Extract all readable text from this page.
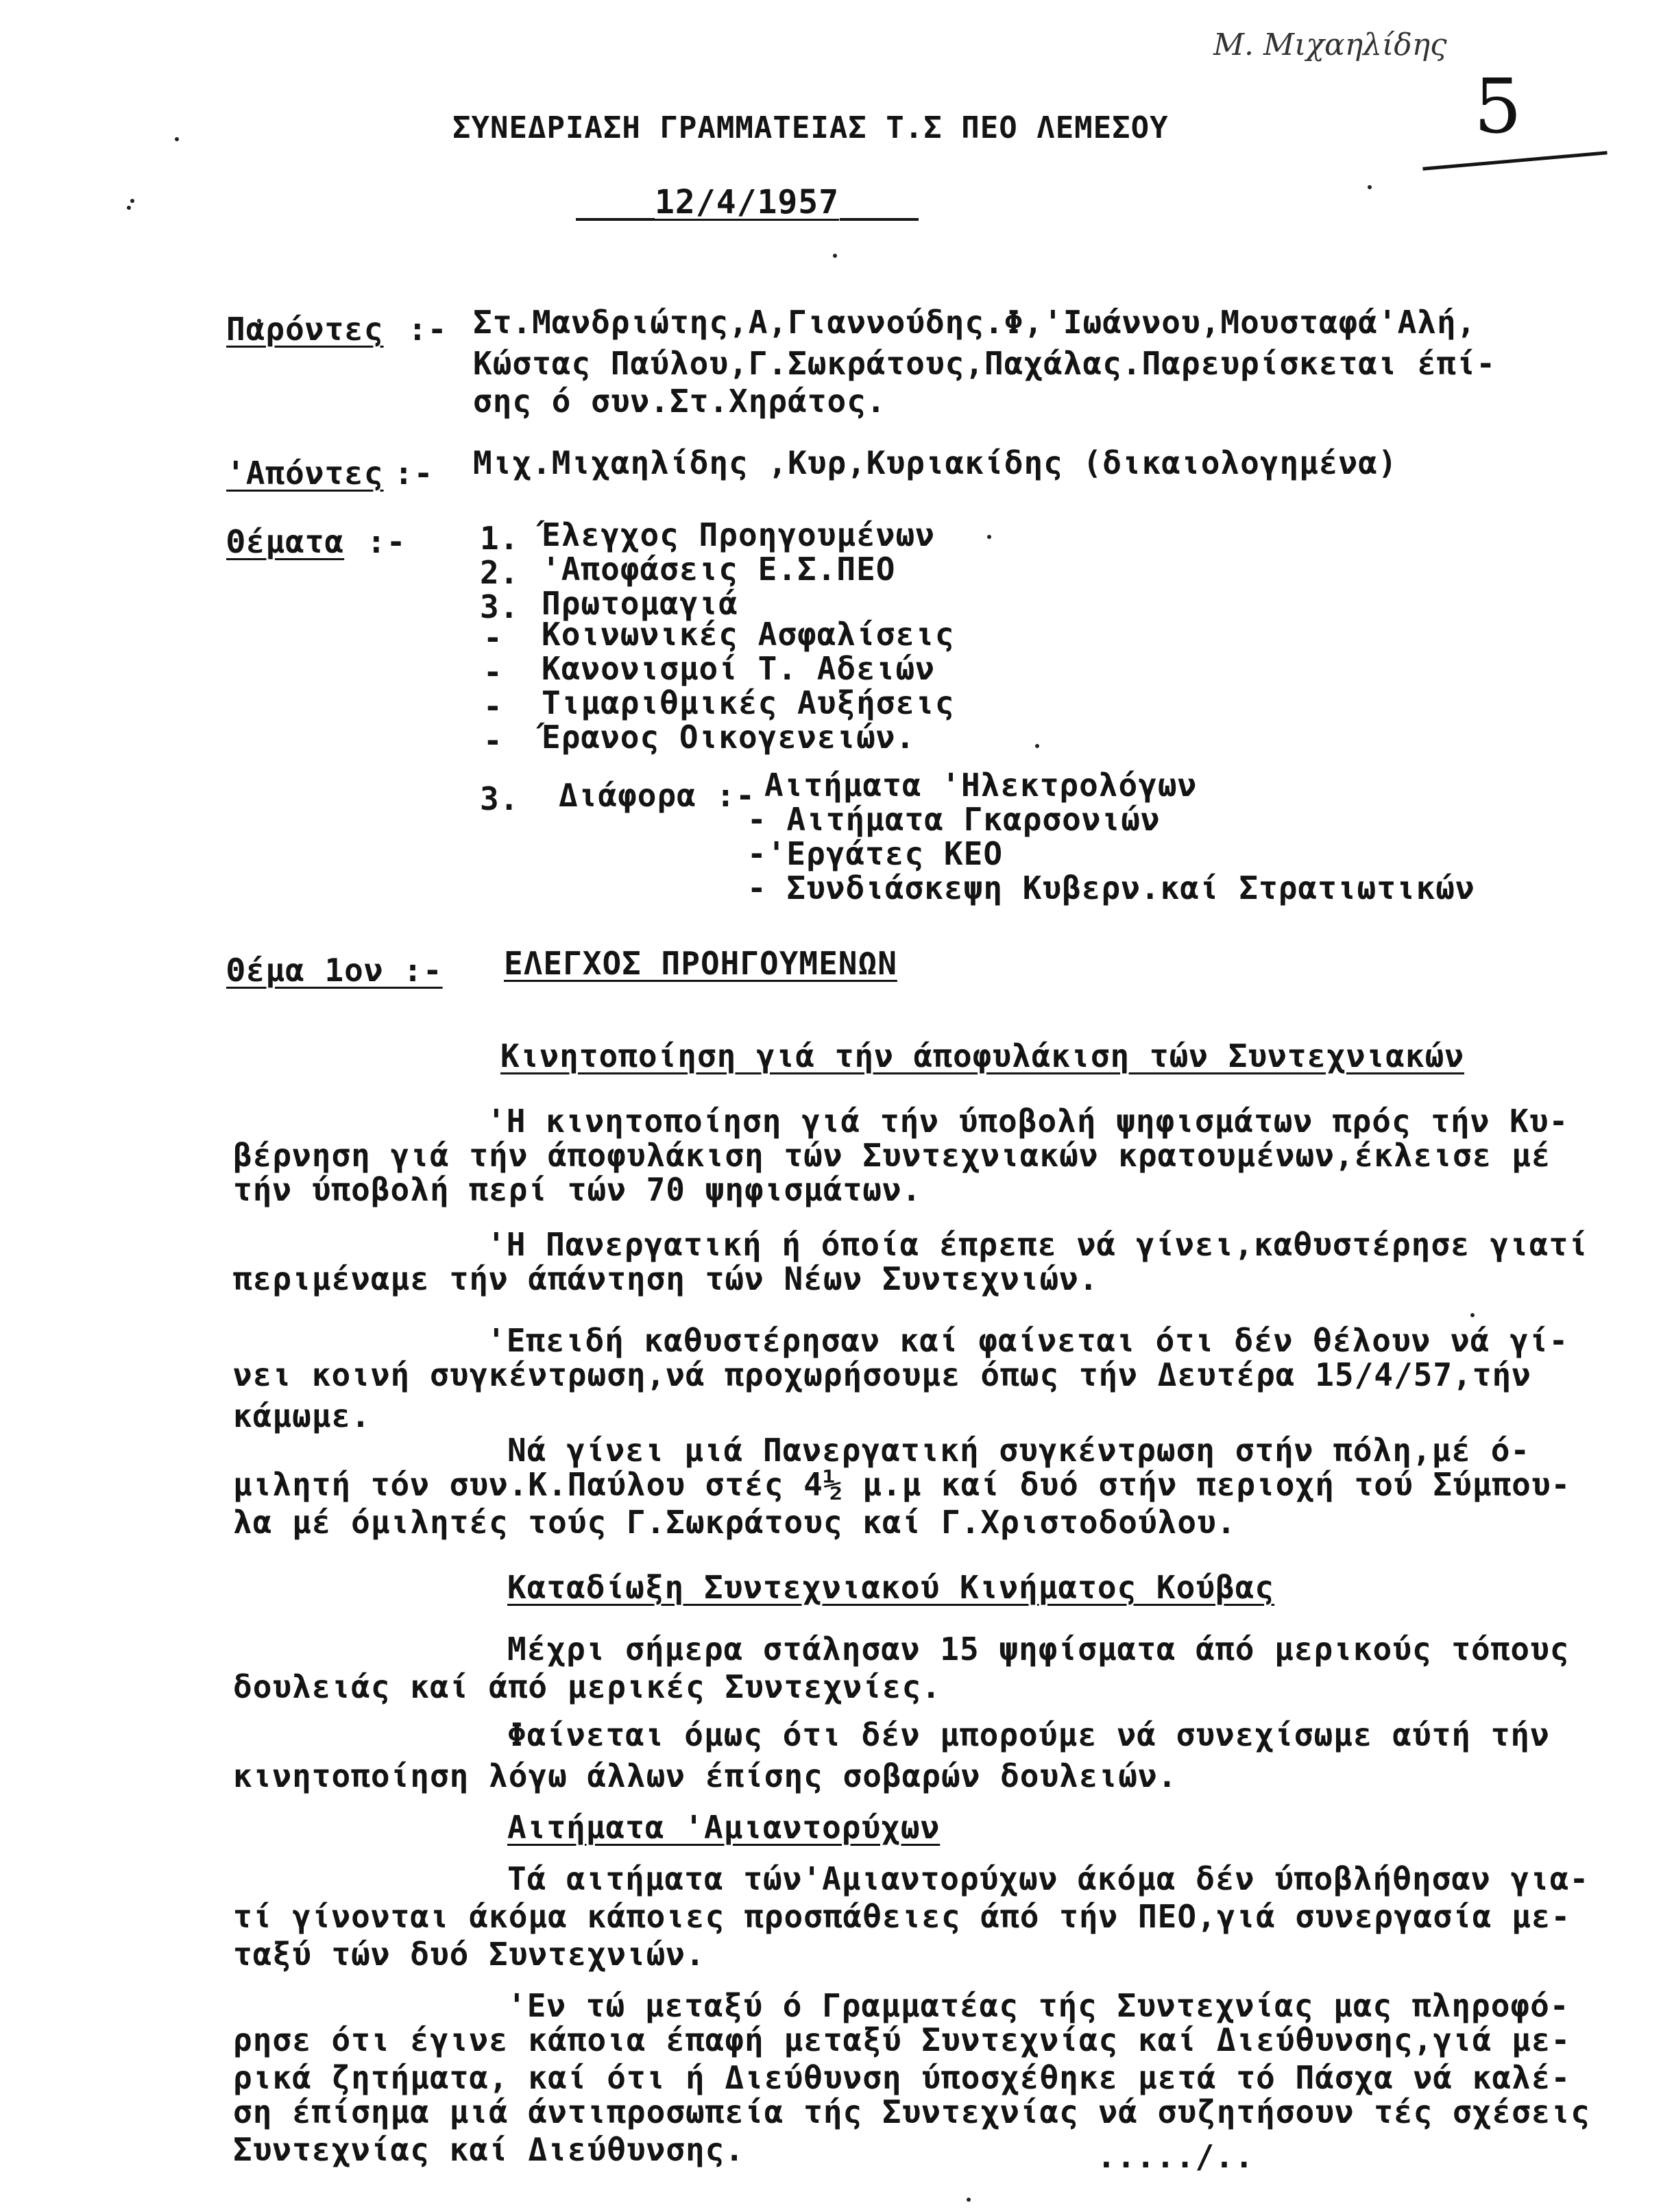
Μ. Μιχαηλίδης
5
ΣΥΝΕΔΡΙΑΣΗ ΓΡΑΜΜΑΤΕΙΑΣ Τ.Σ ΠΕΟ ΛΕΜΕΣΟΥ
12/4/1957
Παρόντες :- Στ.Μανδριώτης,Α,Γιαννούδης.Φ,'Ιωάννου,Μουσταφά'Αλή,
Κώστας Παύλου,Γ.Σωκράτους,Παχάλας.Παρευρίσκεται έπί-
σης ό συν.Στ.Χηράτος.
'Απόντες :- Μιχ.Μιχαηλίδης ,Κυρ,Κυριακίδης (δικαιολογημένα)
Θέματα :- 1. Έλεγχος Προηγουμένων
2. 'Αποφάσεις Ε.Σ.ΠΕΟ
3. Πρωτομαγιά
- Κοινωνικές Ασφαλίσεις
- Κανονισμοί Τ. Αδειών
- Τιμαριθμικές Αυξήσεις
- Έρανος Οικογενειών.
3. Διάφορα :- Αιτήματα 'Ηλεκτρολόγων
- Αιτήματα Γκαρσονιών
-'Εργάτες ΚΕΟ
- Συνδιάσκεψη Κυβερν.καί Στρατιωτικών
Θέμα 1ον :- ΕΛΕΓΧΟΣ ΠΡΟΗΓΟΥΜΕΝΩΝ
Κινητοποίηση γιά τήν άποφυλάκιση τών Συντεχνιακών
'Η κινητοποίηση γιά τήν ύποβολή ψηφισμάτων πρός τήν Κυ-
βέρνηση γιά τήν άποφυλάκιση τών Συντεχνιακών κρατουμένων,έκλεισε μέ
τήν ύποβολή περί τών 70 ψηφισμάτων.
'Η Πανεργατική ή όποία έπρεπε νά γίνει,καθυστέρησε γιατί
περιμέναμε τήν άπάντηση τών Νέων Συντεχνιών.
'Επειδή καθυστέρησαν καί φαίνεται ότι δέν θέλουν νά γί-
νει κοινή συγκέντρωση,νά προχωρήσουμε όπως τήν Δευτέρα 15/4/57,τήν
κάμωμε.
Νά γίνει μιά Πανεργατική συγκέντρωση στήν πόλη,μέ ό-
μιλητή τόν συν.Κ.Παύλου στές 4½ μ.μ καί δυό στήν περιοχή τού Σύμπου-
λα μέ όμιλητές τούς Γ.Σωκράτους καί Γ.Χριστοδούλου.
Καταδίωξη Συντεχνιακού Κινήματος Κούβας
Μέχρι σήμερα στάλησαν 15 ψηφίσματα άπό μερικούς τόπους
δουλειάς καί άπό μερικές Συντεχνίες.
Φαίνεται όμως ότι δέν μπορούμε νά συνεχίσωμε αύτή τήν
κινητοποίηση λόγω άλλων έπίσης σοβαρών δουλειών.
Αιτήματα 'Αμιαντορύχων
Τά αιτήματα τών'Αμιαντορύχων άκόμα δέν ύποβλήθησαν για-
τί γίνονται άκόμα κάποιες προσπάθειες άπό τήν ΠΕΟ,γιά συνεργασία με-
ταξύ τών δυό Συντεχνιών.
'Εν τώ μεταξύ ό Γραμματέας τής Συντεχνίας μας πληροφό-
ρησε ότι έγινε κάποια έπαφή μεταξύ Συντεχνίας καί Διεύθυνσης,γιά με-
ρικά ζητήματα, καί ότι ή Διεύθυνση ύποσχέθηκε μετά τό Πάσχα νά καλέ-
ση έπίσημα μιά άντιπροσωπεία τής Συντεχνίας νά συζητήσουν τές σχέσεις
Συντεχνίας καί Διεύθυνσης.	...../..
